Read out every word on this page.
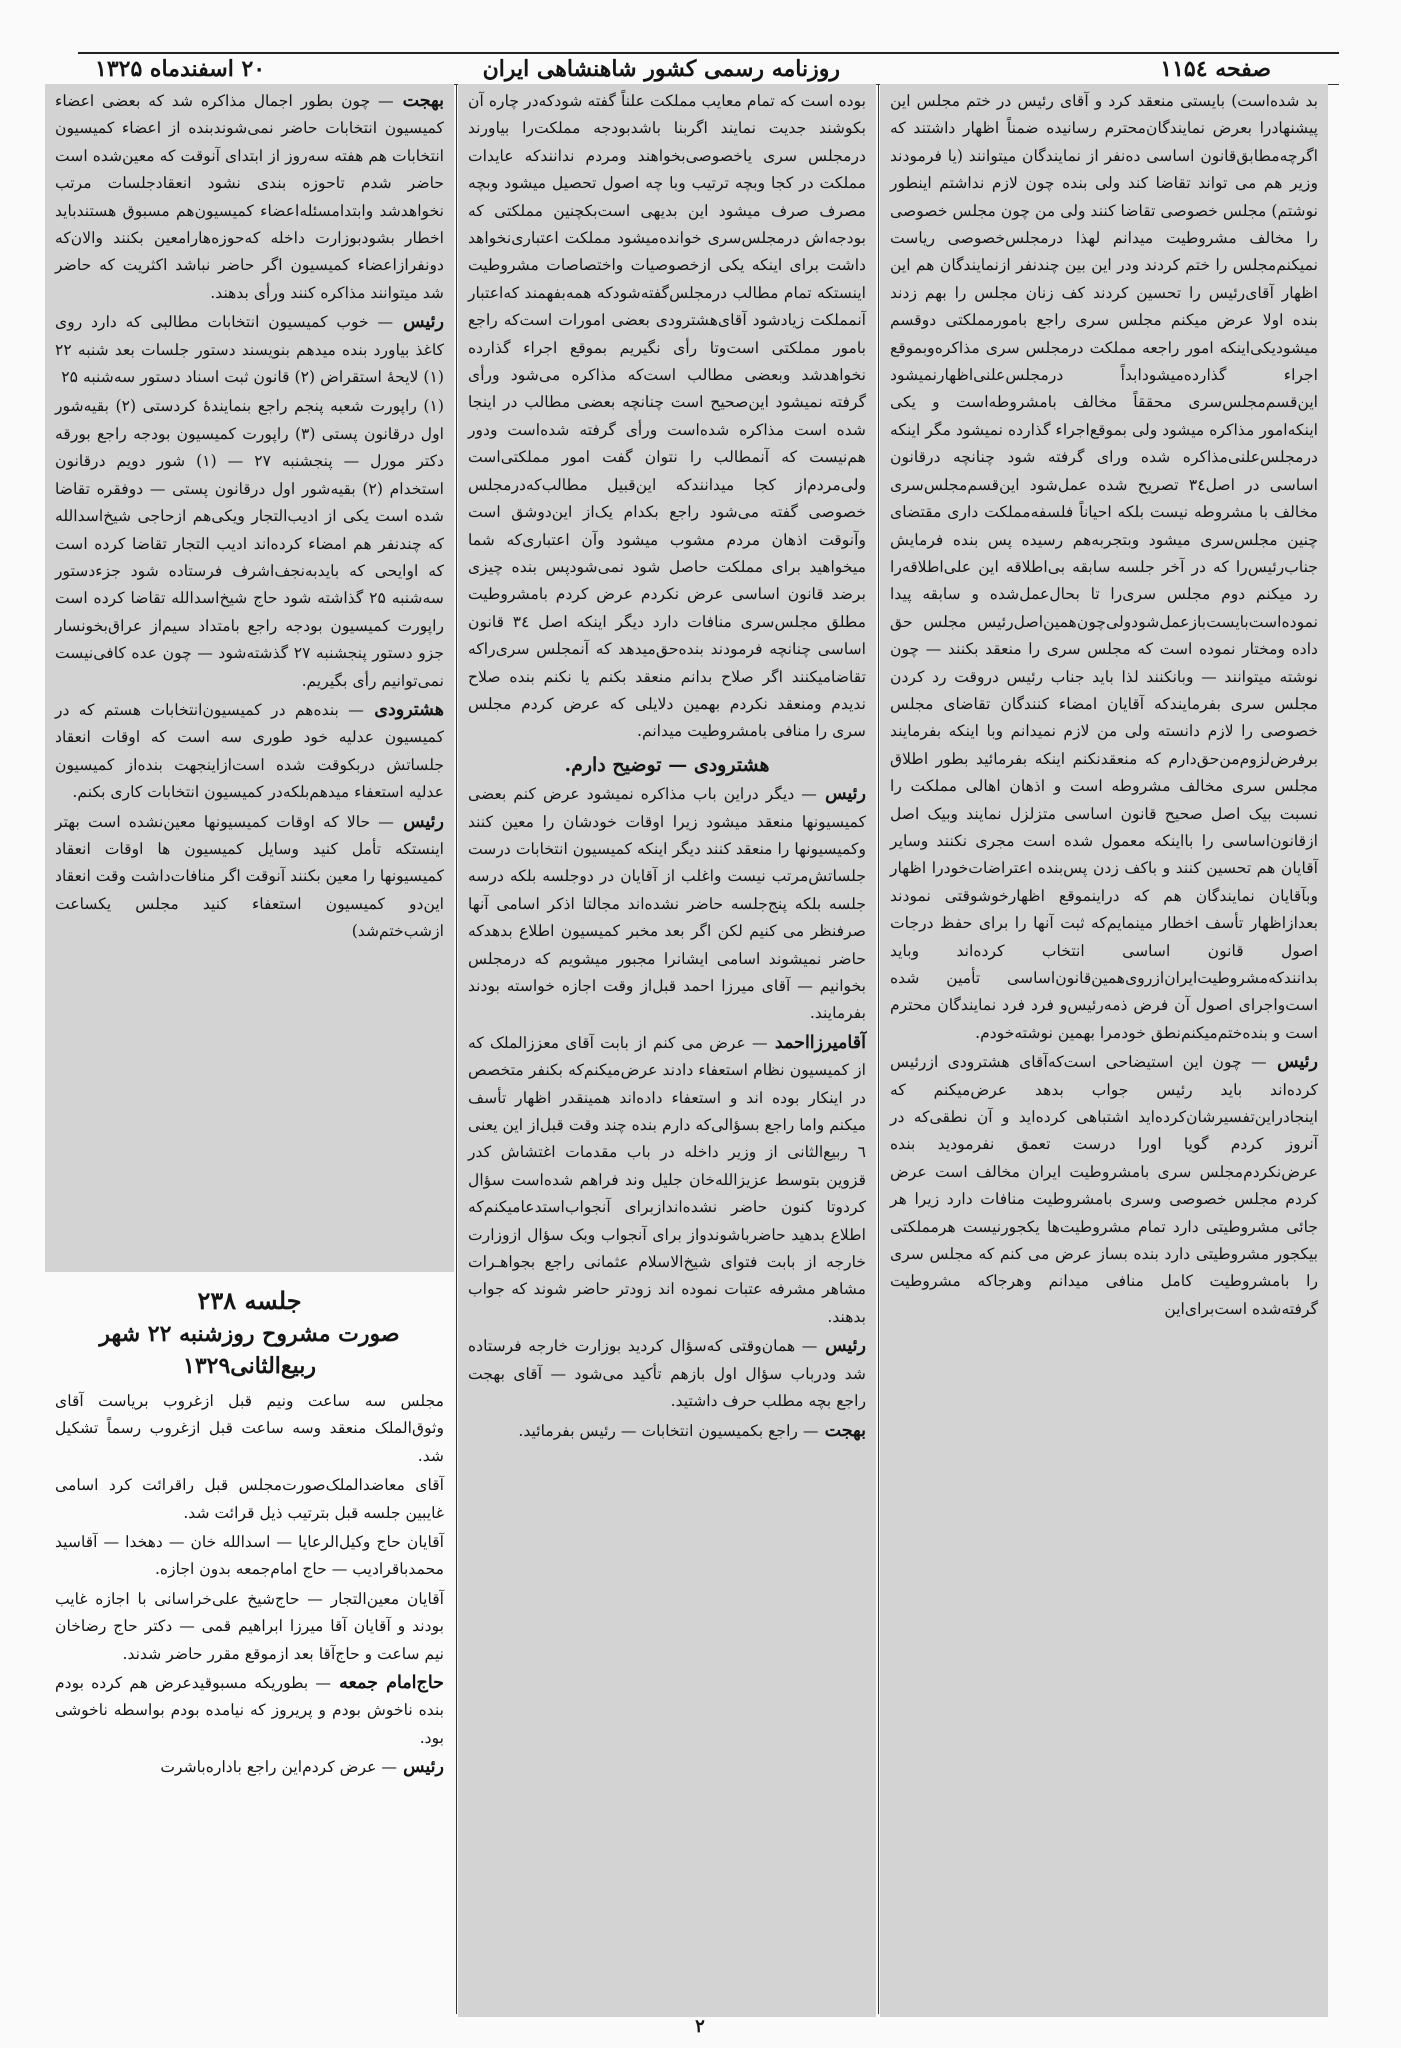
صفحه ۱۱۵٤
روزنامه رسمی کشور شاهنشاهی ایران
۲۰ اسفندماه ۱۳۲۵
بد شده‌است) بایستی منعقد کرد و آقای رئیس در ختم مجلس این پیشنهادرا بعرض نمایندگان‌محترم رسانیده ضمناً اظهار داشتند که اگرچه‌مطابق‌قانون اساسی ده‌نفر از نمایندگان میتوانند (یا فرمودند وزیر هم می تواند تقاضا کند ولی بنده چون لازم نداشتم اینطور نوشتم) مجلس خصوصی تقاضا کنند ولی من چون مجلس خصوصی را مخالف مشروطیت میدانم لهذا درمجلس‌خصوصی ریاست نمیکنم‌مجلس را ختم کردند ودر این بین چندنفر ازنمایندگان هم این اظهار آقای‌رئیس را تحسین کردند کف زنان مجلس را بهم زدند بنده اولا عرض میکنم مجلس سری راجع بامورمملکتی دوقسم میشود‌یکی‌اینکه امور راجعه مملکت درمجلس سری مذاکره‌وبموقع اجراء گذارده‌میشودابداً درمجلس‌علنی‌اظهارنمیشود این‌قسم‌مجلس‌سری محققاً مخالف بامشروطه‌است و یکی اینکه‌امور مذاکره میشود ولی بموقع‌اجراء گذارده نمیشود مگر اینکه درمجلس‌علنی‌مذاکره شده ورای گرفته شود چنانچه درقانون اساسی در اصل۳٤ تصریح شده عمل‌شود این‌قسم‌مجلس‌سری مخالف با مشروطه نیست بلکه احیاناً فلسفه‌مملکت داری مقتضای چنین مجلس‌سری میشود وبتجربه‌هم رسیده پس بنده فرمایش جناب‌رئیس‌را که در آخر جلسه سابقه بی‌اطلاقه این علی‌اطلاقه‌را رد میکنم دوم مجلس سری‌را تا بحال‌عمل‌شده و سابقه پیدا نموده‌است‌بایست‌بازعمل‌شودولی‌چون‌همین‌اصل‌رئیس مجلس حق داده ومختار نموده است که مجلس سری را منعقد بکنند — چون نوشته میتوانند — وبانکنند لذا باید جناب رئیس دروقت رد کردن مجلس سری بفرمایندکه آقایان امضاء کنندگان تقاضای مجلس خصوصی را لازم دانسته ولی من لازم نمیدانم وبا اینکه بفرمایند برفرض‌لزوم‌من‌حق‌دارم که منعقدنکنم اینکه بفرمائید بطور اطلاق مجلس سری مخالف مشروطه است و اذهان اهالی مملکت را نسبت بیک اصل صحیح قانون اساسی متزلزل نمایند وبیک اصل ازقانون‌اساسی را بااینکه معمول شده است مجری نکنند وسایر آقایان هم تحسین کنند و باکف زدن پس‌بنده اعتراضات‌خودرا اظهار وبآقایان نمایندگان هم که دراینموقع اظهارخوشوقتی نمودند بعدازاظهار تأسف اخطار مینمایم‌که ثبت آنها را برای حفظ درجات اصول قانون اساسی انتخاب کرده‌اند وباید بدانندکه‌مشروطیت‌ایران‌ازروی‌همین‌قانون‌اساسی تأمین شده است‌واجرای اصول آن فرض ذمه‌رئیس‌و فرد فرد نمایندگان محترم است و بنده‌ختم‌میکنم‌نطق خودمرا بهمین نوشته‌خودم.
رئیس — چون این استیضاحی است‌که‌آقای هشترودی ازرئیس کرده‌اند باید رئیس جواب بدهد عرض‌میکنم که اینجادراین‌تفسیرشان‌کرده‌اید اشتباهی کرده‌اید و آن نطقی‌که در آنروز کردم گویا اورا درست تعمق نفرمودید بنده عرض‌نکردم‌مجلس سری بامشروطیت ایران مخالف است عرض کردم مجلس خصوصی وسری بامشروطیت منافات دارد زیرا هر جائی مشروطیتی دارد تمام مشروطیت‌ها یکجورنیست هرمملکتی بیکجور مشروطیتی دارد بنده بساز عرض می کنم که مجلس سری را بامشروطیت کامل منافی میدانم وهرجاکه مشروطیت گرفته‌شده است‌برای‌این
بوده است که تمام معایب مملکت علناً گفته شودکه‌در چاره آن بکوشند جدیت نمایند اگربنا باشدبودجه مملکت‌را بیاورند درمجلس سری یاخصوصی‌بخواهند ومردم ندانندکه عایدات مملکت در کجا وبچه ترتیب وبا چه اصول تحصیل میشود وبچه مصرف صرف میشود این بدیهی است‌بکچنین مملکتی که بودجه‌اش درمجلس‌سری خوانده‌میشود مملکت اعتباری‌نخواهد داشت برای اینکه یکی ازخصوصیات واختصاصات مشروطیت اینستکه تمام مطالب درمجلس‌گفته‌شودکه همه‌بفهمند که‌اعتبار آنمملکت زیادشود آقای‌هشترودی بعضی امورات است‌که راجع بامور مملکتی است‌وتا رأی نگیریم بموقع اجراء گذارده نخواهدشد وبعضی مطالب است‌که مذاکره می‌شود ورأی گرفته نمیشود این‌صحیح است چنانچه بعضی مطالب در اینجا شده است مذاکره شده‌است ورأی گرفته شده‌است ودور هم‌نیست که آنمطالب را نتوان گفت امور مملکتی‌است ولی‌مردم‌از کجا میدانندکه این‌قبیل مطالب‌که‌درمجلس خصوصی گفته‌ می‌شود راجع بکدام یک‌از این‌دوشق است وآنوقت اذهان مردم مشوب میشود وآن اعتباری‌که شما میخواهید برای مملکت حاصل شود نمی‌شودپس بنده چیزی برضد قانون اساسی عرض نکردم عرض کردم بامشروطیت مطلق مجلس‌سری منافات دارد دیگر اینکه اصل ۳٤ قانون اساسی چنانچه فرمودند بنده‌حق‌میدهد که آنمجلس سری‌راکه تقاضامیکنند اگر صلاح بدانم منعقد بکنم یا نکنم بنده صلاح ندیدم ومنعقد نکردم بهمین دلایلی که عرض کردم مجلس سری را منافی بامشروطیت میدانم.
هشترودی — توضیح دارم.
رئیس — دیگر دراین باب مذاکره نمیشود عرض کنم بعضی کمیسیونها منعقد میشود زیرا اوقات خودشان را معین کنند وکمیسیونها را منعقد کنند دیگر اینکه کمیسیون انتخابات درست جلساتش‌مرتب نیست واغلب از آقایان در دوجلسه بلکه درسه جلسه بلکه پنج‌جلسه حاضر نشده‌اند مجالتا اذکر اسامی آنها صرفنظر می کنیم لکن اگر بعد مخبر کمیسیون اطلاع بدهدکه حاضر نمیشوند اسامی ایشانرا مجبور میشویم که درمجلس بخوانیم — آقای میرزا احمد قبل‌از وقت اجازه خواسته بودند بفرمایند.
آقامیرزااحمد — عرض می کنم از بابت آقای معززالملک که از کمیسیون نظام استعفاء دادند عرض‌میکنم‌که بکنفر متخصص در اینکار بوده اند و استعفاء داده‌اند همینقدر اظهار تأسف میکنم واما راجع بسؤالی‌که دارم بنده چند وقت قبل‌از این یعنی ٦ ربیع‌الثانی از وزیر داخله در باب مقدمات اغتشاش کدر قزوین بتوسط عزیزالله‌خان جلیل وند فراهم شده‌است سؤال کردوتا کنون حاضر نشده‌اندازبرای آنجواب‌استدعامیکنم‌که اطلاع بدهید حاضرباشوندواز برای آنجواب وبک سؤال ازوزارت خارجه از بابت فتوای شیخ‌الاسلام عثمانی راجع بجواهـرات مشاهر مشرفه عتبات نموده اند زودتر حاضر شوند که جواب بدهند.
رئیس — همان‌وقتی که‌سؤال کردید بوزارت خارجه فرستاده شد ودرباب سؤال اول بازهم تأکید می‌شود — آقای بهجت راجع بچه مطلب حرف داشتید.
بهجت — راجع بکمیسیون انتخابات — رئیس بفرمائید.
بهجت — چون بطور اجمال مذاکره شد که بعضی اعضاء کمیسیون انتخابات حاضر نمی‌شوند‌بنده از اعضاء کمیسیون انتخابات هم هفته سه‌روز از ابتدای آنوقت که معین‌شده است حاضر شدم تاحوزه بندی نشود انعقادجلسات مرتب نخواهدشد وابتدا‌مسئله‌اعضاء کمیسیون‌هم مسبوق هستندباید اخطار بشودبوزارت داخله که‌حوزه‌هارامعین بکنند والان‌که دونفرازاعضاء کمیسیون اگر حاضر نباشد اکثریت که حاضر شد میتوانند مذاکره کنند ورأی بدهند.
رئیس — خوب کمیسیون انتخابات مطالبی که دارد روی کاغذ بیاورد بنده میدهم بنویسند دستور جلسات بعد شنبه ۲۲ (۱) لایحهٔ استقراض (۲) قانون ثبت اسناد دستور سه‌شنبه ۲۵
(۱) راپورت شعبه پنجم راجع بنمایندهٔ کردستی (۲) بقیه‌شور اول درقانون پستی (۳) راپورت کمیسیون بودجه راجع بورقه دکتر مورل — پنجشنبه ۲۷ — (۱) شور دویم درقانون استخدام (۲) بقیه‌شور اول درقانون پستی — دوفقره تقاضا شده است یکی از ادیب‌التجار ویکی‌هم ازحاجی شیخ‌اسدالله که چندنفر هم امضاء کرده‌اند ادیب التجار تقاضا کرده است که اوایحی که بایدبه‌نجف‌اشرف فرستاده شود جزءدستور سه‌شنبه ۲۵ گذاشته شود حاج شیخ‌اسدالله تقاضا کرده است راپورت کمیسیون بودجه راجع بامتداد سیم‌از عراق‌بخونسار جزو دستور پنجشنبه ۲۷ گذشته‌شود — چون عده کافی‌نیست نمی‌توانیم رأی بگیریم.
هشترودی — بنده‌هم در کمیسیون‌انتخابات هستم که در کمیسیون عدلیه خود طوری سه است که اوقات انعقاد جلساتش دربکوقت شده است‌ازاینجهت بنده‌از کمیسیون عدلیه استعفاء میدهم‌بلکه‌در کمیسیون انتخابات کاری بکنم.
رئیس — حالا که اوقات کمیسیونها معین‌نشده است بهتر اینستکه تأمل کنید وسایل کمیسیون ها اوقات انعقاد کمیسیونها را معین بکنند آنوقت اگر منافات‌داشت وقت انعقاد این‌دو کمیسیون استعفاء کنید مجلس یکساعت ازشب‌ختم‌شد)
جلسه ۲۳۸
صورت مشروح روزشنبه ۲۲ شهر ربیع‌الثانی۱۳۲۹
مجلس سه ساعت ونیم قبل ازغروب بریاست آقای وثوق‌الملک منعقد وسه ساعت قبل ازغروب رسماً تشکیل شد.
آقای معاضدالملک‌صورت‌مجلس قبل راقرائت کرد اسامی غایبین جلسه قبل بترتیب ذیل قرائت شد.
آقایان حاج وکیل‌الرعایا — اسدالله خان — دهخدا — آقاسید محمدباقرادیب — حاج امام‌جمعه بدون اجازه.
آقایان معین‌التجار — حاج‌شیخ علی‌خراسانی با اجازه غایب بودند و آقایان آقا میرزا ابراهیم قمی — دکتر حاج رضاخان نیم ساعت و حاج‌آقا بعد ازموقع مقرر حاضر شدند.
حاج‌امام جمعه — بطوریکه مسبوقید‌عرض هم کرده بودم بنده ناخوش بودم و پریروز که نیامده بودم بواسطه ناخوشی بود.
رئیس — عرض کردم‌این راجع باداره‌باشرت
۲
